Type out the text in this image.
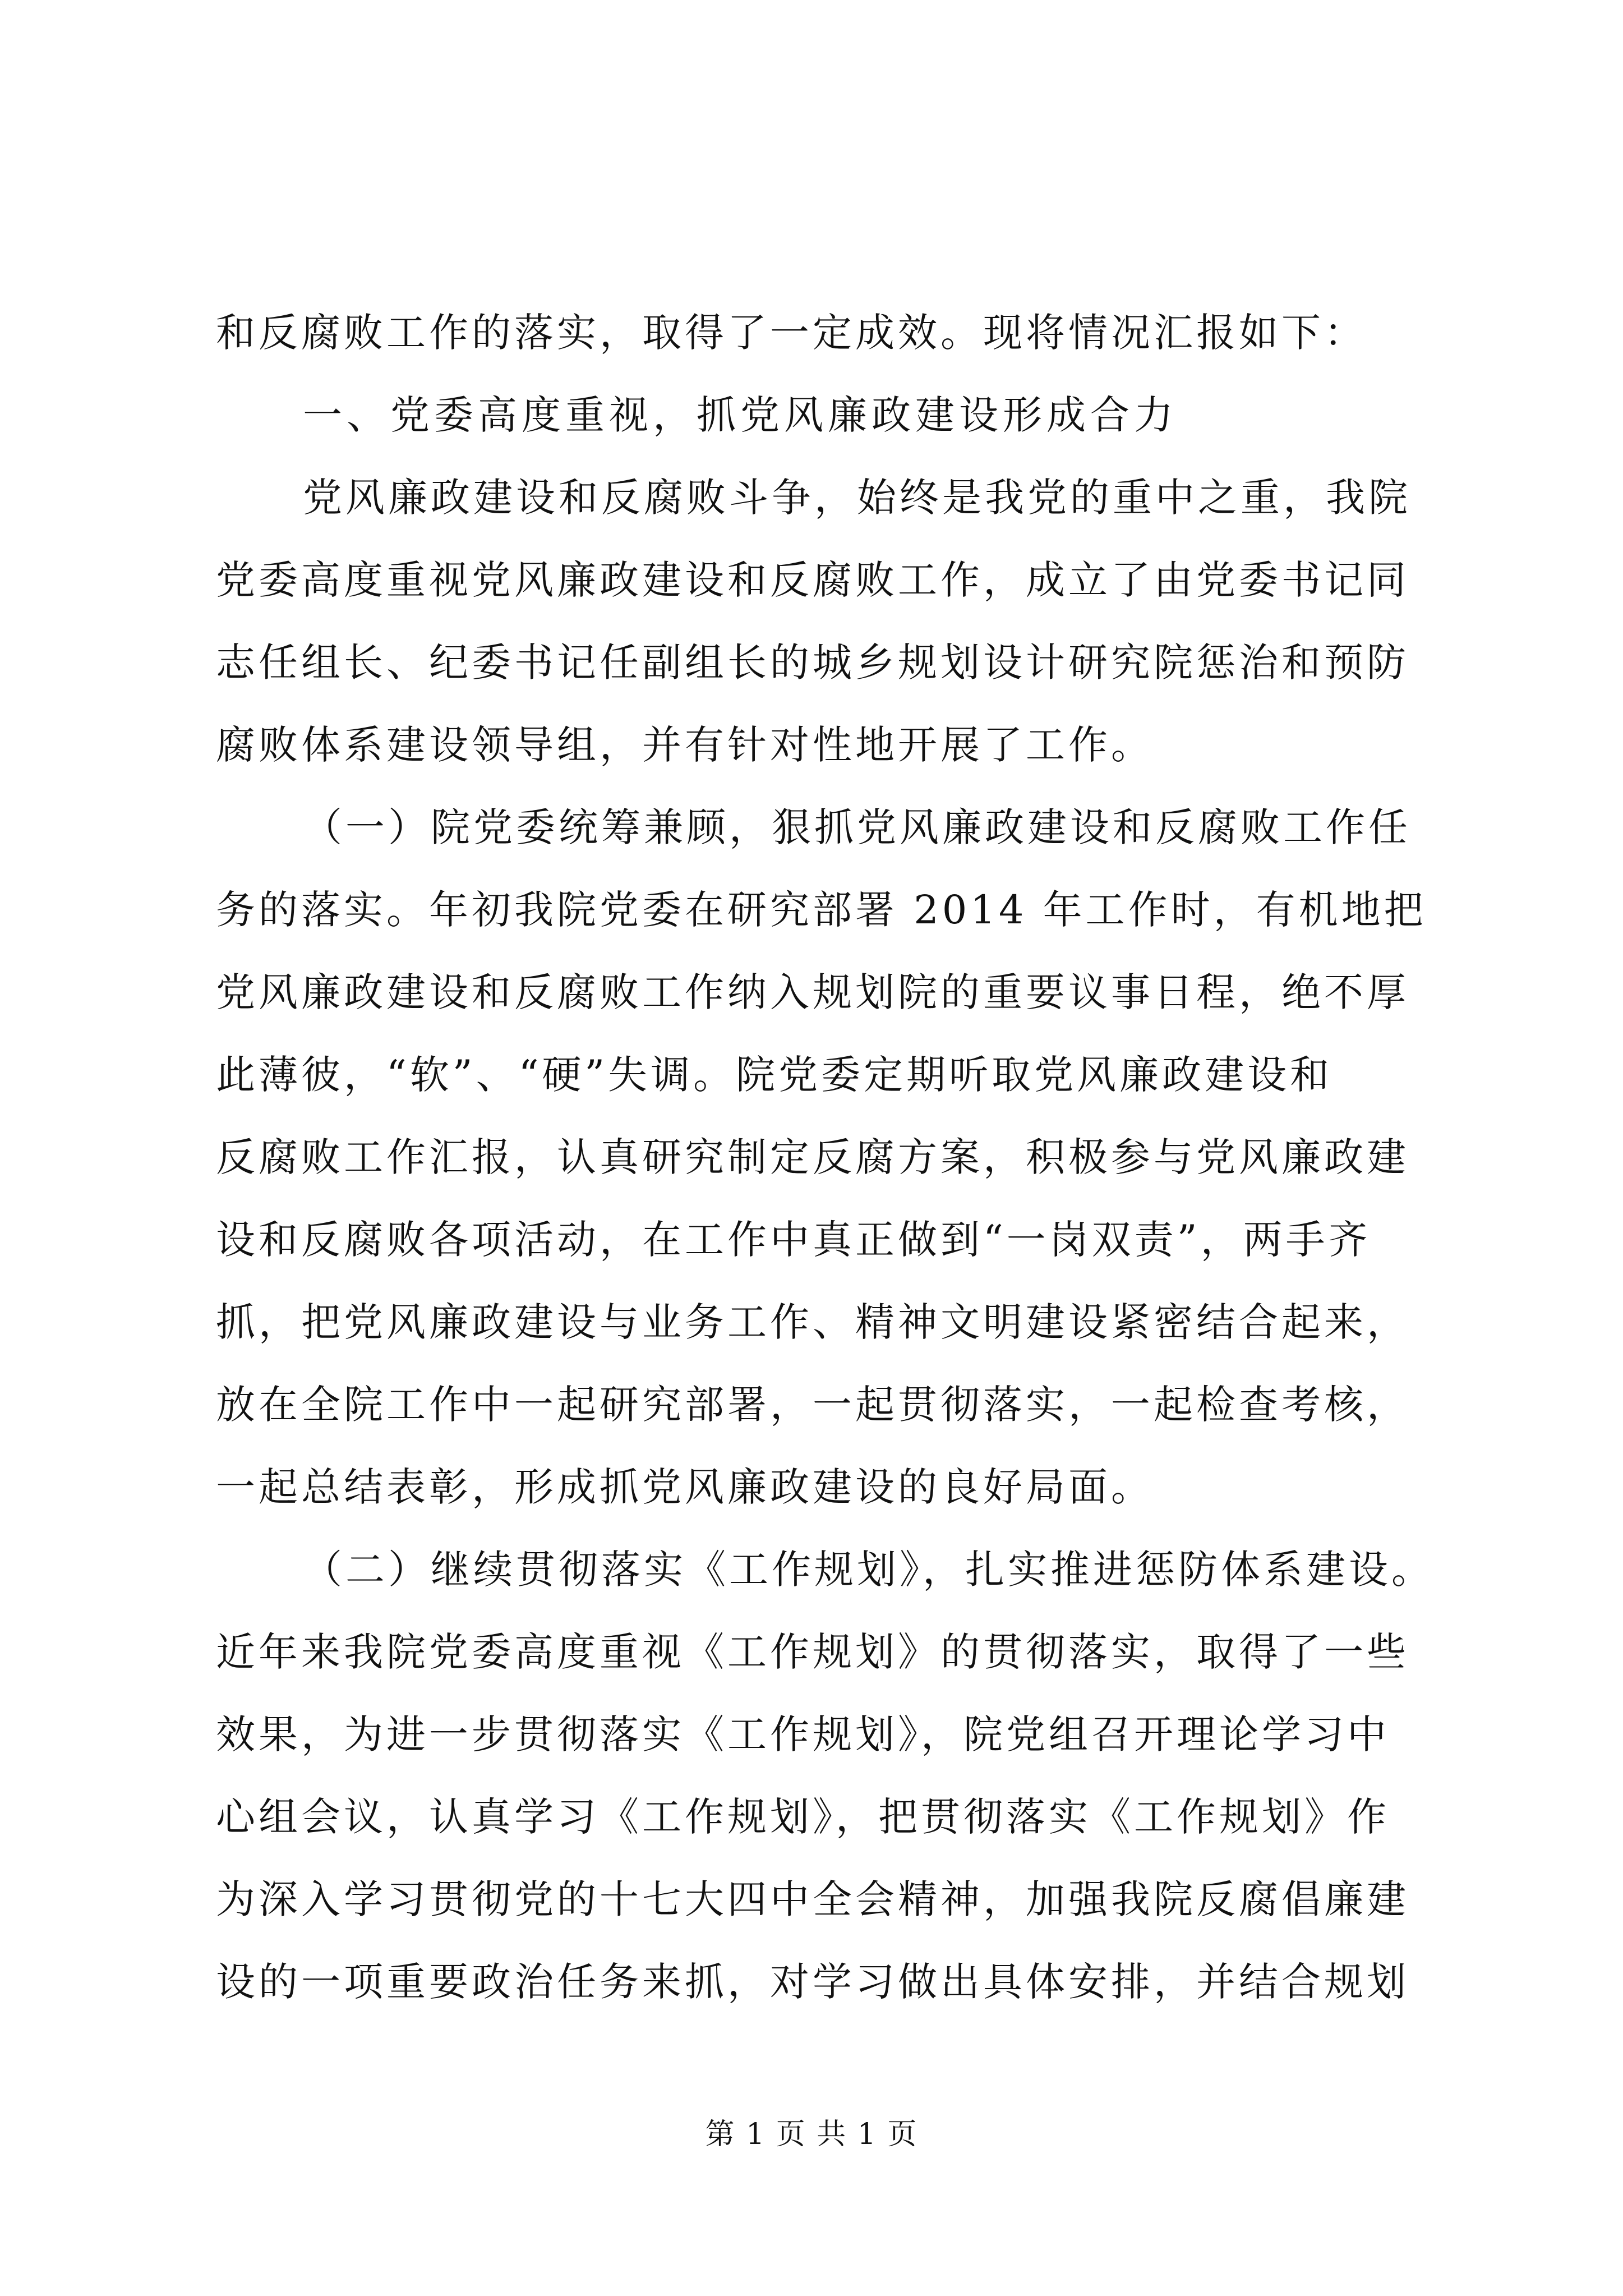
和反腐败工作的落实，取得了一定成效。现将情况汇报如下：
一、党委高度重视，抓党风廉政建设形成合力
党风廉政建设和反腐败斗争，始终是我党的重中之重，我院
党委高度重视党风廉政建设和反腐败工作，成立了由党委书记同
志任组长、纪委书记任副组长的城乡规划设计研究院惩治和预防
腐败体系建设领导组，并有针对性地开展了工作。
（一）院党委统筹兼顾，狠抓党风廉政建设和反腐败工作任
务的落实。年初我院党委在研究部署 2014 年工作时，有机地把
党风廉政建设和反腐败工作纳入规划院的重要议事日程，绝不厚
此薄彼，“软”、“硬”失调。院党委定期听取党风廉政建设和
反腐败工作汇报，认真研究制定反腐方案，积极参与党风廉政建
设和反腐败各项活动，在工作中真正做到“一岗双责”，两手齐
抓，把党风廉政建设与业务工作、精神文明建设紧密结合起来，
放在全院工作中一起研究部署，一起贯彻落实，一起检查考核，
一起总结表彰，形成抓党风廉政建设的良好局面。
（二）继续贯彻落实《工作规划》，扎实推进惩防体系建设。
近年来我院党委高度重视《工作规划》的贯彻落实，取得了一些
效果，为进一步贯彻落实《工作规划》，院党组召开理论学习中
心组会议，认真学习《工作规划》，把贯彻落实《工作规划》作
为深入学习贯彻党的十七大四中全会精神，加强我院反腐倡廉建
设的一项重要政治任务来抓，对学习做出具体安排，并结合规划
第 1 页 共 1 页
